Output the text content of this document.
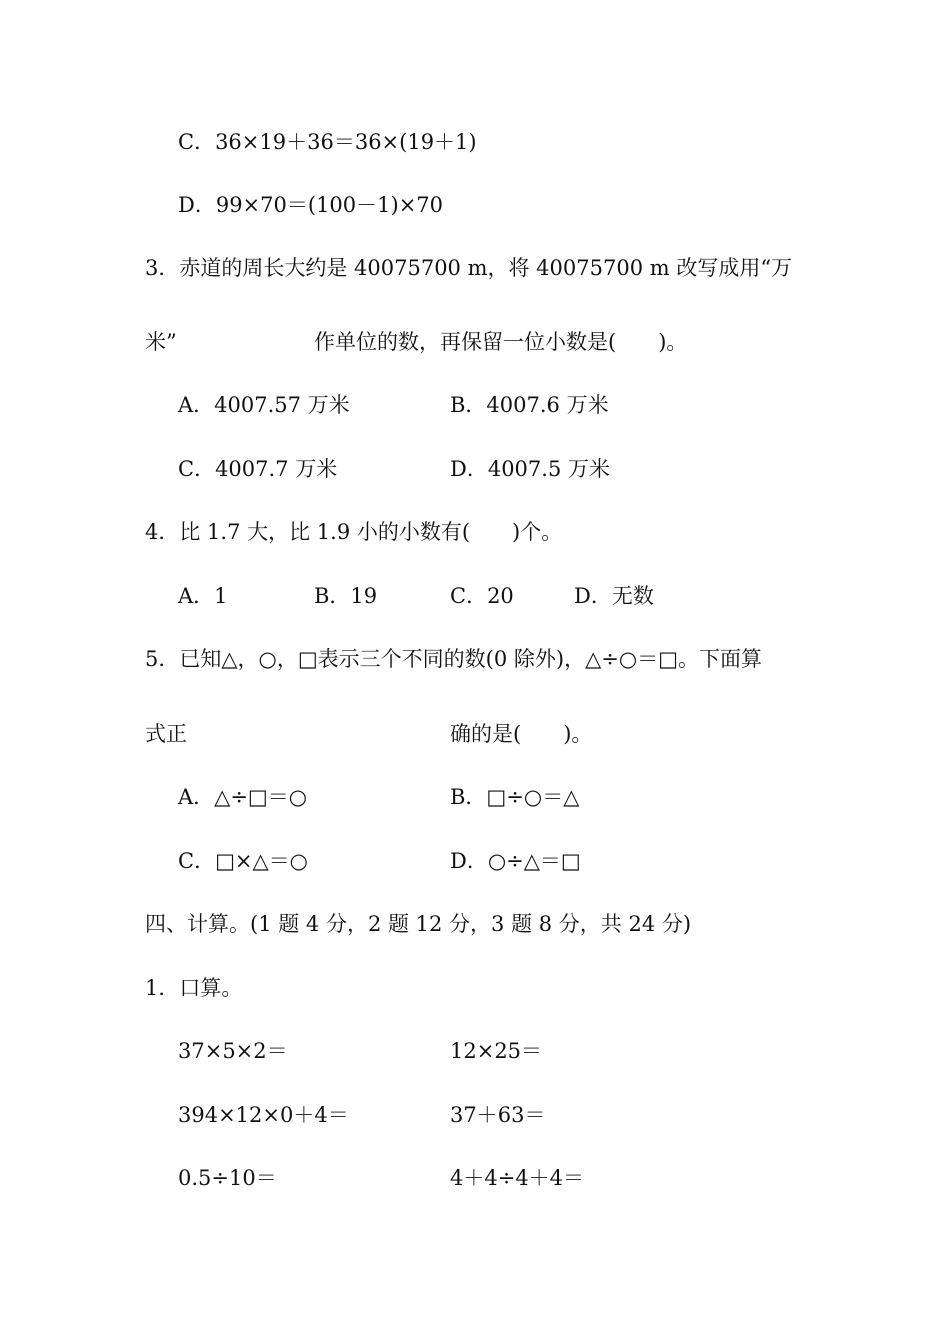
C．36×19＋36＝36×(19＋1)
D．99×70＝(100－1)×70
3．赤道的周长大约是 40075700 m，将 40075700 m 改写成用“万
米”	作单位的数，再保留一位小数是(　　)。
A．4007.57 万米	B．4007.6 万米
C．4007.7 万米	D．4007.5 万米
4．比 1.7 大，比 1.9 小的小数有(　　)个。
A．1	B．19	C．20	D．无数
5．已知△，○，□表示三个不同的数(0 除外)，△÷○＝□。下面算
式正	确的是(　　)。
A．△÷□＝○	B．□÷○＝△
C．□×△＝○	D．○÷△＝□
四、计算。(1 题 4 分，2 题 12 分，3 题 8 分，共 24 分)
1．口算。
37×5×2＝	12×25＝
394×12×0＋4＝	37＋63＝
0.5÷10＝	4＋4÷4＋4＝
